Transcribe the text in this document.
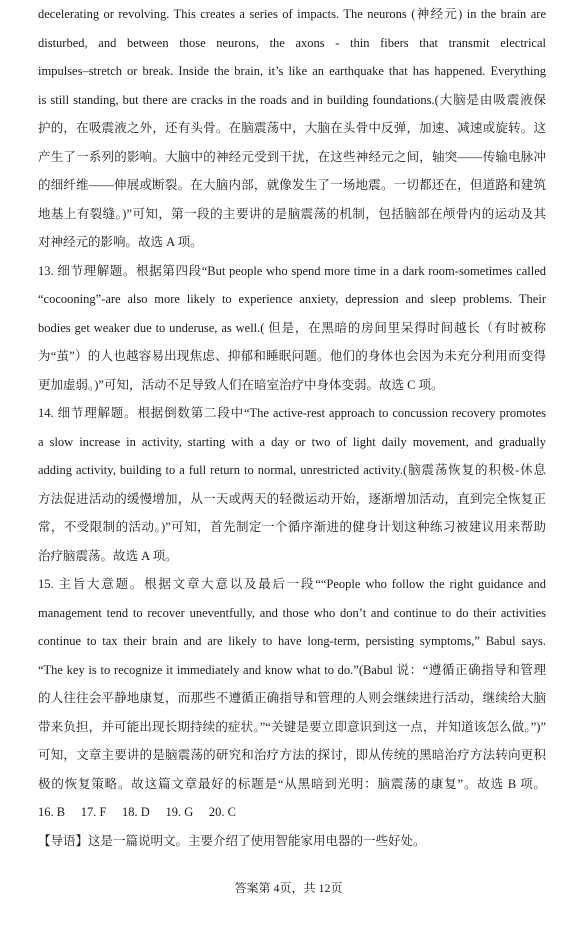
decelerating or revolving. This creates a series of impacts. The neurons (神经元) in the brain are
disturbed, and between those neurons, the axons - thin fibers that transmit electrical
impulses–stretch or break. Inside the brain, it’s like an earthquake that has happened. Everything
is still standing, but there are cracks in the roads and in building foundations.(大脑是由吸震液保
护的，在吸震液之外，还有头骨。在脑震荡中，大脑在头骨中反弹，加速、减速或旋转。这
产生了一系列的影响。大脑中的神经元受到干扰，在这些神经元之间，轴突——传输电脉冲
的细纤维——伸展或断裂。在大脑内部，就像发生了一场地震。一切都还在，但道路和建筑
地基上有裂缝。)”可知，第一段的主要讲的是脑震荡的机制，包括脑部在颅骨内的运动及其
对神经元的影响。故选 A 项。
13. 细节理解题。根据第四段“But people who spend more time in a dark room-sometimes called
“cocooning”-are also more likely to experience anxiety, depression and sleep problems. Their
bodies get weaker due to underuse, as well.( 但是，在黑暗的房间里呆得时间越长（有时被称
为“茧”）的人也越容易出现焦虑、抑郁和睡眠问题。他们的身体也会因为未充分利用而变得
更加虚弱。)”可知，活动不足导致人们在暗室治疗中身体变弱。故选 C 项。
14. 细节理解题。根据倒数第二段中“The active-rest approach to concussion recovery promotes
a slow increase in activity, starting with a day or two of light daily movement, and gradually
adding activity, building to a full return to normal, unrestricted activity.(脑震荡恢复的积极-休息
方法促进活动的缓慢增加，从一天或两天的轻微运动开始，逐渐增加活动，直到完全恢复正
常，不受限制的活动。)”可知，首先制定一个循序渐进的健身计划这种练习被建议用来帮助
治疗脑震荡。故选 A 项。
15. 主旨大意题。根据文章大意以及最后一段““People who follow the right guidance and
management tend to recover uneventfully, and those who don’t and continue to do their activities
continue to tax their brain and are likely to have long-term, persisting symptoms,” Babul says.
“The key is to recognize it immediately and know what to do.”(Babul 说：“遵循正确指导和管理
的人往往会平静地康复，而那些不遵循正确指导和管理的人则会继续进行活动，继续给大脑
带来负担，并可能出现长期持续的症状。”“关键是要立即意识到这一点，并知道该怎么做。”)”
可知，文章主要讲的是脑震荡的研究和治疗方法的探讨，即从传统的黑暗治疗方法转向更积
极的恢复策略。故这篇文章最好的标题是“从黑暗到光明：脑震荡的康复”。故选 B 项。
16. B     17. F     18. D     19. G     20. C
【导语】这是一篇说明文。主要介绍了使用智能家用电器的一些好处。
答案第 4页，共 12页
